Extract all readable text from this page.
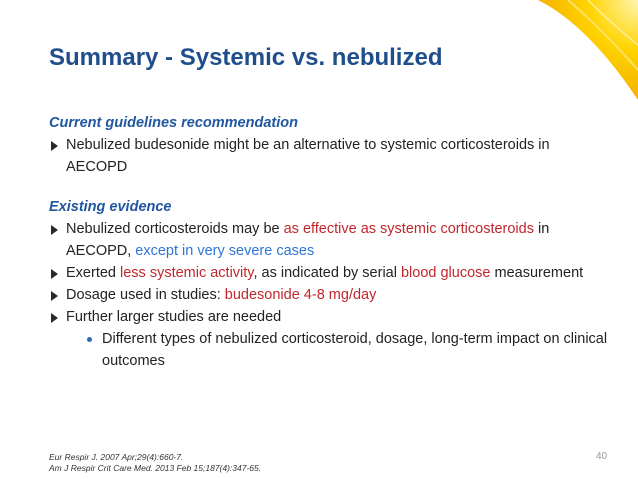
Summary - Systemic vs. nebulized
Current guidelines recommendation
Nebulized budesonide might be an alternative to systemic corticosteroids in AECOPD
Existing evidence
Nebulized corticosteroids may be as effective as systemic corticosteroids in AECOPD, except in very severe cases
Exerted less systemic activity, as indicated by serial blood glucose measurement
Dosage used in studies: budesonide 4-8 mg/day
Further larger studies are needed
Different types of nebulized corticosteroid, dosage, long-term impact on clinical outcomes
Eur Respir J. 2007 Apr;29(4):660-7.
Am J Respir Crit Care Med. 2013 Feb 15;187(4):347-65.
40
